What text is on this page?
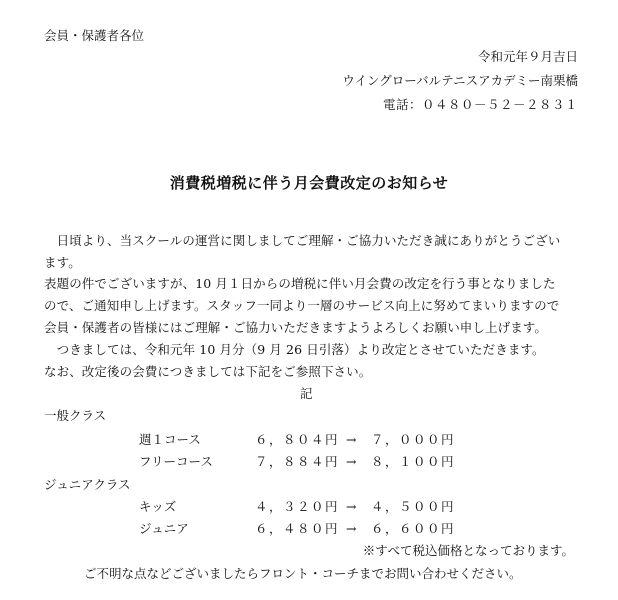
会員・保護者各位
令和元年９月吉日
ウイングローバルテニスアカデミー南栗橋
電話：０４８０－５２－２８３１
消費税増税に伴う月会費改定のお知らせ
　日頃より、当スクールの運営に関しましてご理解・ご協力いただき誠にありがとうござい
ます。
表題の件でございますが、10 月１日からの増税に伴い月会費の改定を行う事となりました
ので、ご通知申し上げます。スタッフ一同より一層のサービス向上に努めてまいりますので
会員・保護者の皆様にはご理解・ご協力いただきますようよろしくお願い申し上げます。
　つきましては、令和元年 10 月分（9 月 26 日引落）より改定とさせていただきます。
なお、改定後の会費につきましては下記をご参照下さい。
記
一般クラス
週１コース	６，８０４円 → ７，０００円
フリーコース	７，８８４円 → ８，１００円
ジュニアクラス
キッズ	４，３２０円 → ４，５００円
ジュニア	６，４８０円 → ６，６００円
※すべて税込価格となっております。
ご不明な点などございましたらフロント・コーチまでお問い合わせください。
